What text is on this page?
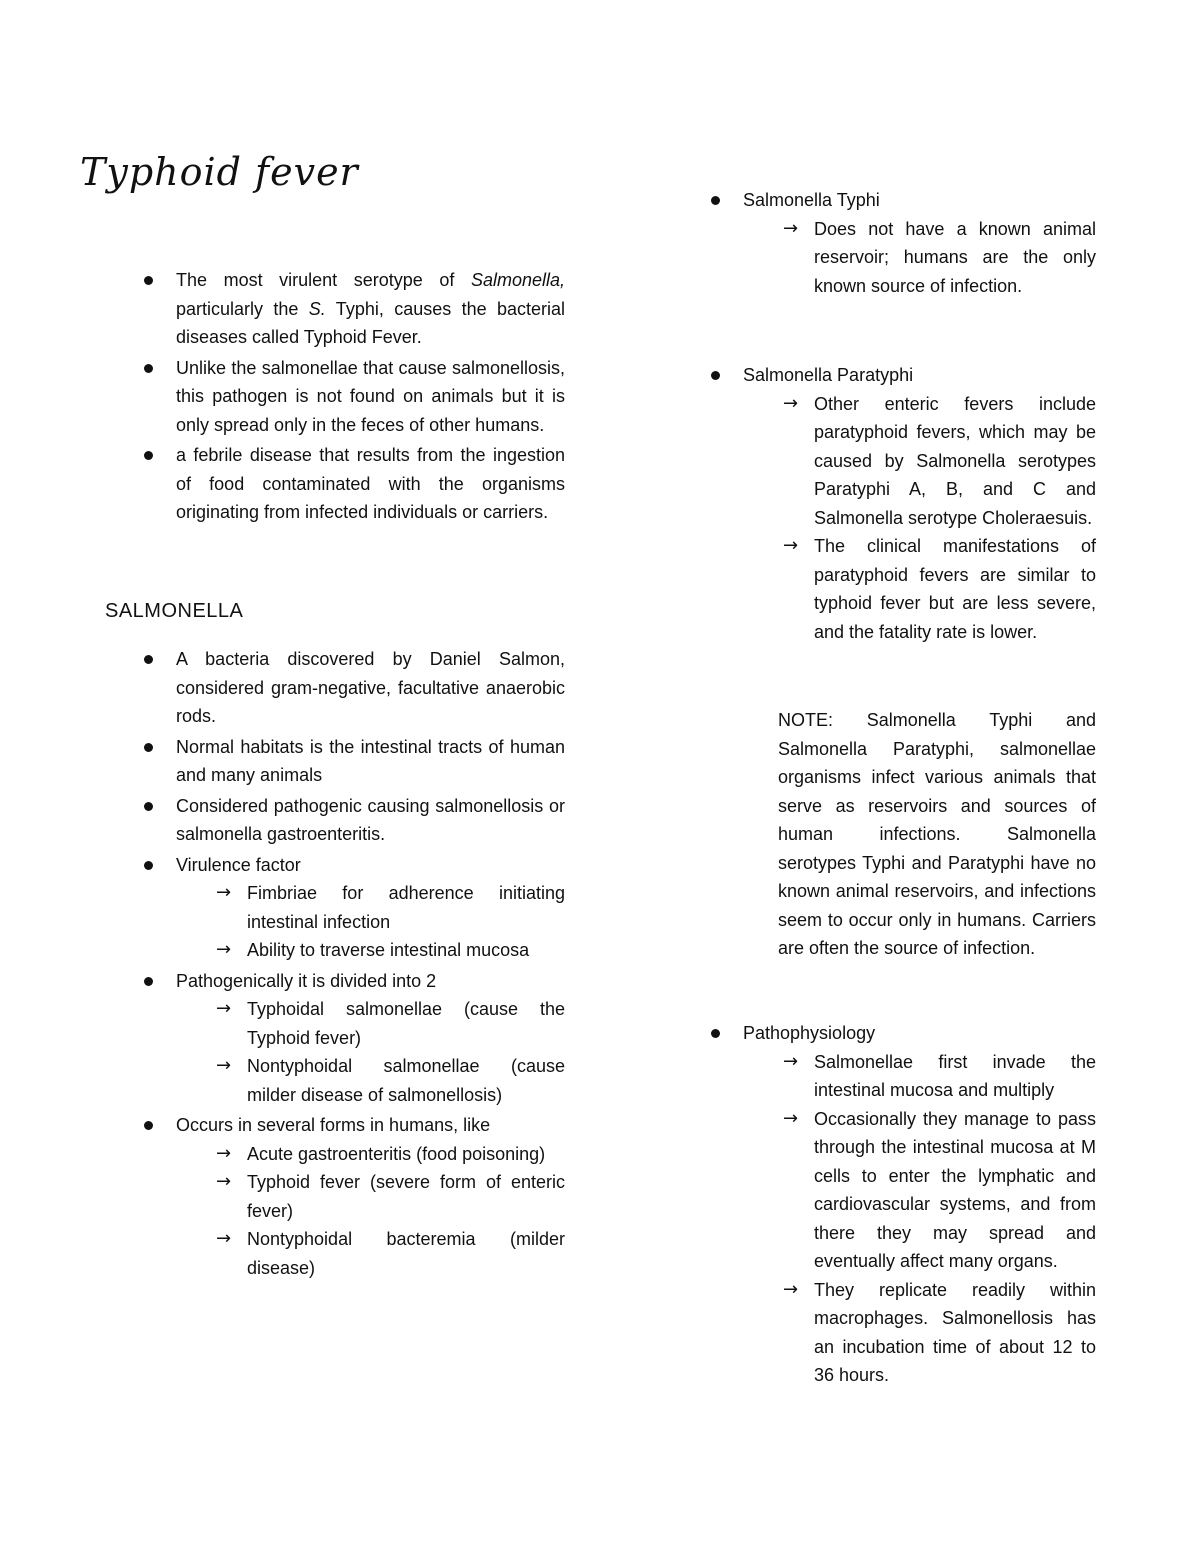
Typhoid fever
The most virulent serotype of Salmonella, particularly the S. Typhi, causes the bacterial diseases called Typhoid Fever.
Unlike the salmonellae that cause salmonellosis, this pathogen is not found on animals but it is only spread only in the feces of other humans.
a febrile disease that results from the ingestion of food contaminated with the organisms originating from infected individuals or carriers.
SALMONELLA
A bacteria discovered by Daniel Salmon, considered gram-negative, facultative anaerobic rods.
Normal habitats is the intestinal tracts of human and many animals
Considered pathogenic causing salmonellosis or salmonella gastroenteritis.
Virulence factor
→ Fimbriae for adherence initiating intestinal infection
→ Ability to traverse intestinal mucosa
Pathogenically it is divided into 2
→ Typhoidal salmonellae (cause the Typhoid fever)
→ Nontyphoidal salmonellae (cause milder disease of salmonellosis)
Occurs in several forms in humans, like
→ Acute gastroenteritis (food poisoning)
→ Typhoid fever (severe form of enteric fever)
→ Nontyphoidal bacteremia (milder disease)
Salmonella Typhi
→ Does not have a known animal reservoir; humans are the only known source of infection.
Salmonella Paratyphi
→ Other enteric fevers include paratyphoid fevers, which may be caused by Salmonella serotypes Paratyphi A, B, and C and Salmonella serotype Choleraesuis.
→ The clinical manifestations of paratyphoid fevers are similar to typhoid fever but are less severe, and the fatality rate is lower.

NOTE: Salmonella Typhi and Salmonella Paratyphi, salmonellae organisms infect various animals that serve as reservoirs and sources of human infections. Salmonella serotypes Typhi and Paratyphi have no known animal reservoirs, and infections seem to occur only in humans. Carriers are often the source of infection.

Pathophysiology
→ Salmonellae first invade the intestinal mucosa and multiply
→ Occasionally they manage to pass through the intestinal mucosa at M cells to enter the lymphatic and cardiovascular systems, and from there they may spread and eventually affect many organs.
→ They replicate readily within macrophages. Salmonellosis has an incubation time of about 12 to 36 hours.
